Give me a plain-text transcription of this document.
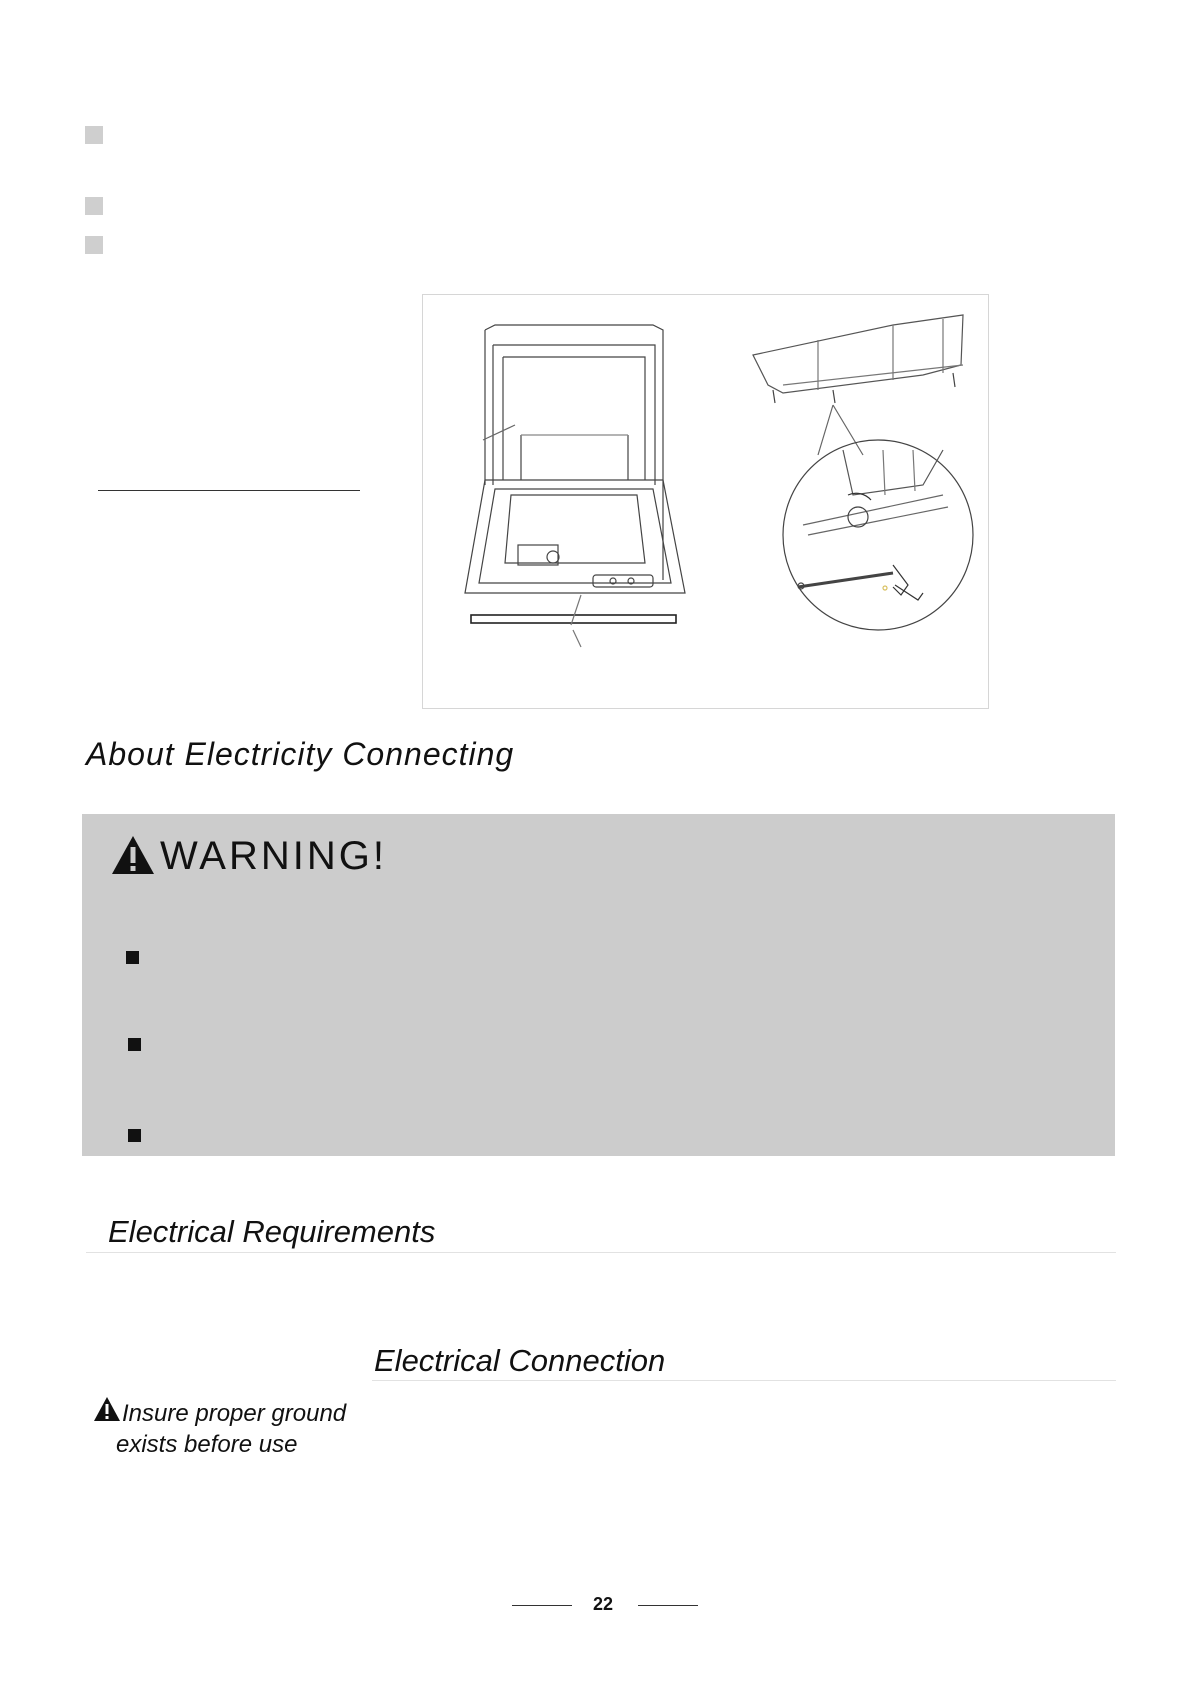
About Electricity Connecting
WARNING!
Electrical Requirements
Electrical Connection
Insure proper ground
exists before use
22
